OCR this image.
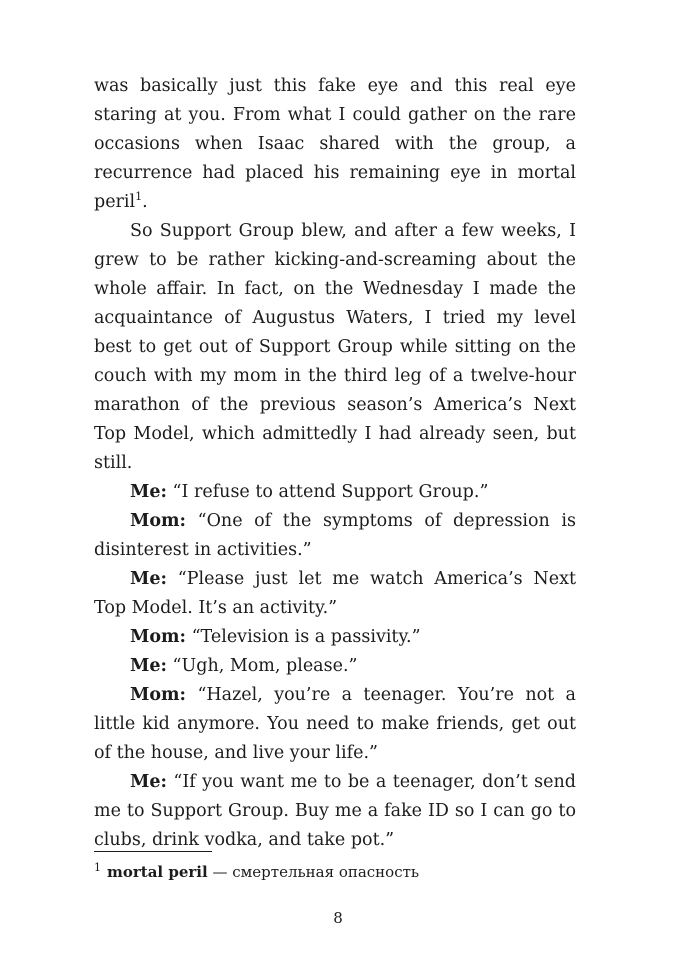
was basically just this fake eye and this real eye staring at you. From what I could gather on the rare occasions when Isaac shared with the group, a recurrence had placed his remaining eye in mortal peril$^1$.

So Support Group blew, and after a few weeks, I grew to be rather kicking-and-screaming about the whole affair. In fact, on the Wednesday I made the acquaintance of Augustus Waters, I tried my level best to get out of Support Group while sitting on the couch with my mom in the third leg of a twelve-hour marathon of the previous season’s America’s Next Top Model, which admittedly I had already seen, but still.

Me: “I refuse to attend Support Group.”

Mom: “One of the symptoms of depression is disinterest in activities.”

Me: “Please just let me watch America’s Next Top Model. It’s an activity.”

Mom: “Television is a passivity.”

Me: “Ugh, Mom, please.”

Mom: “Hazel, you’re a teenager. You’re not a little kid anymore. You need to make friends, get out of the house, and live your life.”

Me: “If you want me to be a teenager, don’t send me to Support Group. Buy me a fake ID so I can go to clubs, drink vodka, and take pot.”

$^1$ mortal peril — смертельная опасность
8
